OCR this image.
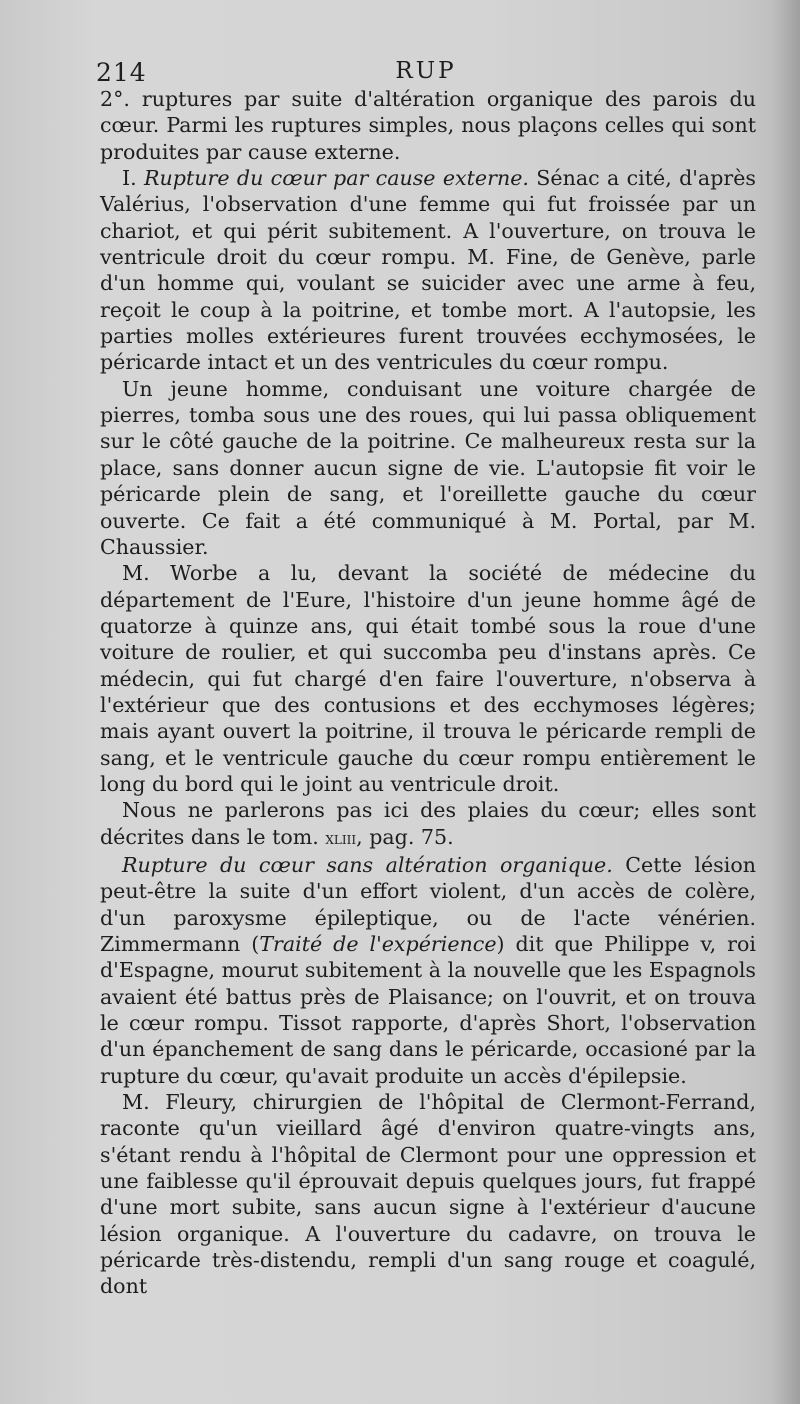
214	RUP

2°. ruptures par suite d'altération organique des parois du cœur. Parmi les ruptures simples, nous plaçons celles qui sont produites par cause externe.

I. Rupture du cœur par cause externe. Sénac a cité, d'après Valérius, l'observation d'une femme qui fut froissée par un chariot, et qui périt subitement. A l'ouverture, on trouva le ventricule droit du cœur rompu. M. Fine, de Genève, parle d'un homme qui, voulant se suicider avec une arme à feu, reçoit le coup à la poitrine, et tombe mort. A l'autopsie, les parties molles extérieures furent trouvées ecchymosées, le péricarde intact et un des ventricules du cœur rompu.

Un jeune homme, conduisant une voiture chargée de pierres, tomba sous une des roues, qui lui passa obliquement sur le côté gauche de la poitrine. Ce malheureux resta sur la place, sans donner aucun signe de vie. L'autopsie fit voir le péricarde plein de sang, et l'oreillette gauche du cœur ouverte. Ce fait a été communiqué à M. Portal, par M. Chaussier.

M. Worbe a lu, devant la société de médecine du département de l'Eure, l'histoire d'un jeune homme âgé de quatorze à quinze ans, qui était tombé sous la roue d'une voiture de roulier, et qui succomba peu d'instans après. Ce médecin, qui fut chargé d'en faire l'ouverture, n'observa à l'extérieur que des contusions et des ecchymoses légères; mais ayant ouvert la poitrine, il trouva le péricarde rempli de sang, et le ventricule gauche du cœur rompu entièrement le long du bord qui le joint au ventricule droit.

Nous ne parlerons pas ici des plaies du cœur; elles sont décrites dans le tom. xliii, pag. 75.

Rupture du cœur sans altération organique. Cette lésion peut-être la suite d'un effort violent, d'un accès de colère, d'un paroxysme épileptique, ou de l'acte vénérien. Zimmermann (Traité de l'expérience) dit que Philippe v, roi d'Espagne, mourut subitement à la nouvelle que les Espagnols avaient été battus près de Plaisance; on l'ouvrit, et on trouva le cœur rompu. Tissot rapporte, d'après Short, l'observation d'un épanchement de sang dans le péricarde, occasioné par la rupture du cœur, qu'avait produite un accès d'épilepsie.

M. Fleury, chirurgien de l'hôpital de Clermont-Ferrand, raconte qu'un vieillard âgé d'environ quatre-vingts ans, s'étant rendu à l'hôpital de Clermont pour une oppression et une faiblesse qu'il éprouvait depuis quelques jours, fut frappé d'une mort subite, sans aucun signe à l'extérieur d'aucune lésion organique. A l'ouverture du cadavre, on trouva le péricarde très-distendu, rempli d'un sang rouge et coagulé, dont
